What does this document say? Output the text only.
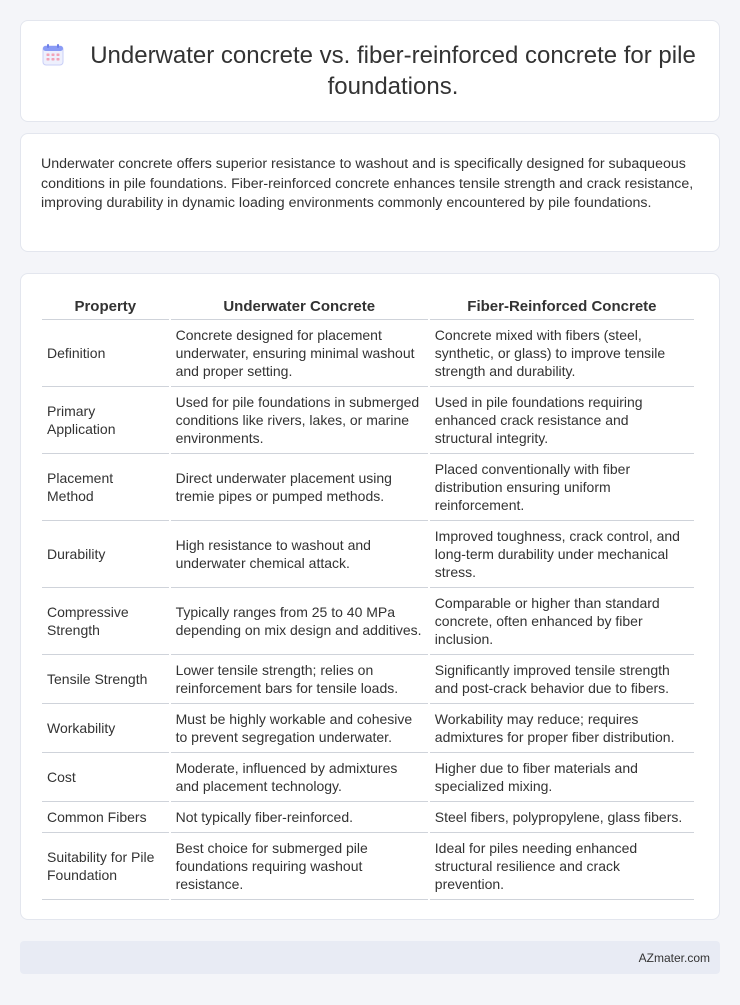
Underwater concrete vs. fiber-reinforced concrete for pile foundations.

Underwater concrete offers superior resistance to washout and is specifically designed for subaqueous conditions in pile foundations. Fiber-reinforced concrete enhances tensile strength and crack resistance, improving durability in dynamic loading environments commonly encountered by pile foundations.

Property	Underwater Concrete	Fiber-Reinforced Concrete
Definition	Concrete designed for placement underwater, ensuring minimal washout and proper setting.	Concrete mixed with fibers (steel, synthetic, or glass) to improve tensile strength and durability.
Primary Application	Used for pile foundations in submerged conditions like rivers, lakes, or marine environments.	Used in pile foundations requiring enhanced crack resistance and structural integrity.
Placement Method	Direct underwater placement using tremie pipes or pumped methods.	Placed conventionally with fiber distribution ensuring uniform reinforcement.
Durability	High resistance to washout and underwater chemical attack.	Improved toughness, crack control, and long-term durability under mechanical stress.
Compressive Strength	Typically ranges from 25 to 40 MPa depending on mix design and additives.	Comparable or higher than standard concrete, often enhanced by fiber inclusion.
Tensile Strength	Lower tensile strength; relies on reinforcement bars for tensile loads.	Significantly improved tensile strength and post-crack behavior due to fibers.
Workability	Must be highly workable and cohesive to prevent segregation underwater.	Workability may reduce; requires admixtures for proper fiber distribution.
Cost	Moderate, influenced by admixtures and placement technology.	Higher due to fiber materials and specialized mixing.
Common Fibers	Not typically fiber-reinforced.	Steel fibers, polypropylene, glass fibers.
Suitability for Pile Foundation	Best choice for submerged pile foundations requiring washout resistance.	Ideal for piles needing enhanced structural resilience and crack prevention.
AZmater.com
